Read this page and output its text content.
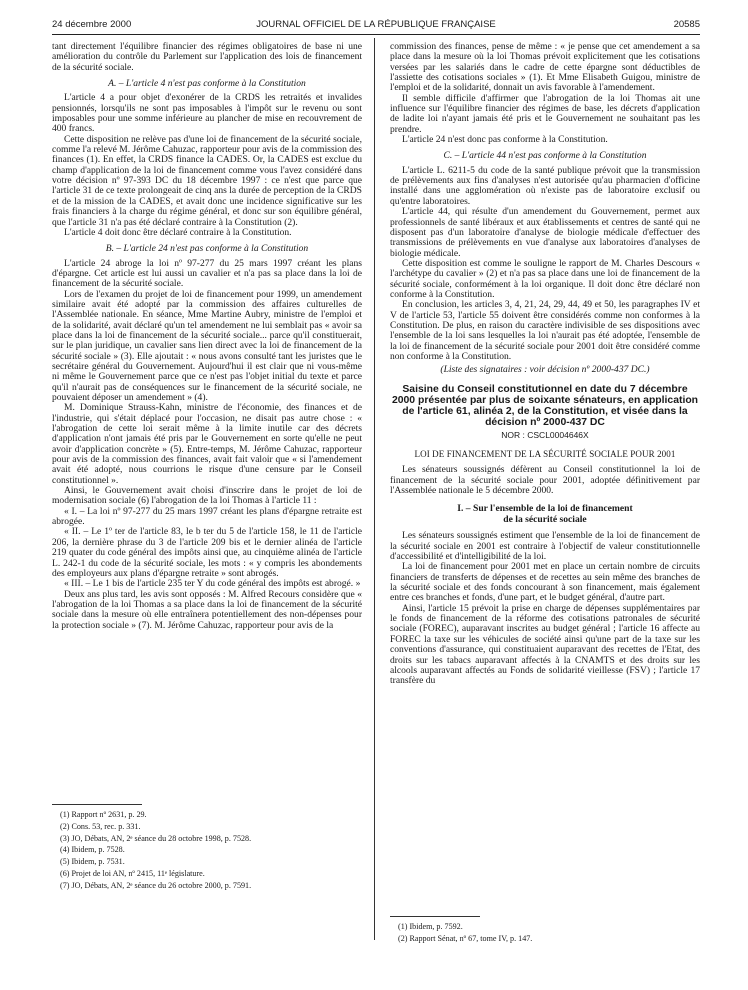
24 décembre 2000	JOURNAL OFFICIEL DE LA RÉPUBLIQUE FRANÇAISE	20585

tant directement l'équilibre financier des régimes obligatoires de base ni une amélioration du contrôle du Parlement sur l'application des lois de financement de la sécurité sociale.

A. – L'article 4 n'est pas conforme à la Constitution

L'article 4 a pour objet d'exonérer de la CRDS les retraités et invalides pensionnés, lorsqu'ils ne sont pas imposables à l'impôt sur le revenu ou sont imposables pour une somme inférieure au plancher de mise en recouvrement de 400 francs.

Cette disposition ne relève pas d'une loi de financement de la sécurité sociale, comme l'a relevé M. Jérôme Cahuzac, rapporteur pour avis de la commission des finances (1). En effet, la CRDS finance la CADES. Or, la CADES est exclue du champ d'application de la loi de financement comme vous l'avez considéré dans votre décision nº 97-393 DC du 18 décembre 1997 : ce n'est que parce que l'article 31 de ce texte prolongeait de cinq ans la durée de perception de la CRDS et de la mission de la CADES, et avait donc une incidence significative sur les frais financiers à la charge du régime général, et donc sur son équilibre général, que l'article 31 n'a pas été déclaré contraire à la Constitution (2).

L'article 4 doit donc être déclaré contraire à la Constitution.

B. – L'article 24 n'est pas conforme à la Constitution

L'article 24 abroge la loi nº 97-277 du 25 mars 1997 créant les plans d'épargne. Cet article est lui aussi un cavalier et n'a pas sa place dans la loi de financement de la sécurité sociale.

Lors de l'examen du projet de loi de financement pour 1999, un amendement similaire avait été adopté par la commission des affaires culturelles de l'Assemblée nationale. En séance, Mme Martine Aubry, ministre de l'emploi et de la solidarité, avait déclaré qu'un tel amendement ne lui semblait pas « avoir sa place dans la loi de financement de la sécurité sociale... parce qu'il constituerait, sur le plan juridique, un cavalier sans lien direct avec la loi de financement de la sécurité sociale » (3). Elle ajoutait : « nous avons consulté tant les juristes que le secrétaire général du Gouvernement. Aujourd'hui il est clair que ni vous-même ni même le Gouvernement parce que ce n'est pas l'objet initial du texte et parce qu'il n'aurait pas de conséquences sur le financement de la sécurité sociale, ne pouvaient déposer un amendement » (4).

M. Dominique Strauss-Kahn, ministre de l'économie, des finances et de l'industrie, qui s'était déplacé pour l'occasion, ne disait pas autre chose : « l'abrogation de cette loi serait même à la limite inutile car des décrets d'application n'ont jamais été pris par le Gouvernement en sorte qu'elle ne peut avoir d'application concrète » (5). Entre-temps, M. Jérôme Cahuzac, rapporteur pour avis de la commission des finances, avait fait valoir que « si l'amendement avait été adopté, nous courrions le risque d'une censure par le Conseil constitutionnel ».

Ainsi, le Gouvernement avait choisi d'inscrire dans le projet de loi de modernisation sociale (6) l'abrogation de la loi Thomas à l'article 11 :

« I. – La loi nº 97-277 du 25 mars 1997 créant les plans d'épargne retraite est abrogée.

« II. – Le 1º ter de l'article 83, le b ter du 5 de l'article 158, le 11 de l'article 206, la dernière phrase du 3 de l'article 209 bis et le dernier alinéa de l'article 219 quater du code général des impôts ainsi que, au cinquième alinéa de l'article L. 242-1 du code de la sécurité sociale, les mots : « y compris les abondements des employeurs aux plans d'épargne retraite » sont abrogés.

« III. – Le 1 bis de l'article 235 ter Y du code général des impôts est abrogé. »

Deux ans plus tard, les avis sont opposés : M. Alfred Recours considère que « l'abrogation de la loi Thomas a sa place dans la loi de financement de la sécurité sociale dans la mesure où elle entraînera potentiellement des non-dépenses pour la protection sociale » (7). M. Jérôme Cahuzac, rapporteur pour avis de la

(1) Rapport nº 2631, p. 29.
(2) Cons. 53, rec. p. 331.
(3) JO, Débats, AN, 2ᵉ séance du 28 octobre 1998, p. 7528.
(4) Ibidem, p. 7528.
(5) Ibidem, p. 7531.
(6) Projet de loi AN, nº 2415, 11ᵉ législature.
(7) JO, Débats, AN, 2ᵉ séance du 26 octobre 2000, p. 7591.

commission des finances, pense de même : « je pense que cet amendement a sa place dans la mesure où la loi Thomas prévoit explicitement que les cotisations versées par les salariés dans le cadre de cette épargne sont déductibles de l'assiette des cotisations sociales » (1). Et Mme Elisabeth Guigou, ministre de l'emploi et de la solidarité, donnait un avis favorable à l'amendement.

Il semble difficile d'affirmer que l'abrogation de la loi Thomas ait une influence sur l'équilibre financier des régimes de base, les décrets d'application de ladite loi n'ayant jamais été pris et le Gouvernement ne souhaitant pas les prendre.

L'article 24 n'est donc pas conforme à la Constitution.

C. – L'article 44 n'est pas conforme à la Constitution

L'article L. 6211-5 du code de la santé publique prévoit que la transmission de prélèvements aux fins d'analyses n'est autorisée qu'au pharmacien d'officine installé dans une agglomération où n'existe pas de laboratoire exclusif ou qu'entre laboratoires.

L'article 44, qui résulte d'un amendement du Gouvernement, permet aux professionnels de santé libéraux et aux établissements et centres de santé qui ne disposent pas d'un laboratoire d'analyse de biologie médicale d'effectuer des transmissions de prélèvements en vue d'analyse aux laboratoires d'analyses de biologie médicale.

Cette disposition est comme le souligne le rapport de M. Charles Descours « l'archétype du cavalier » (2) et n'a pas sa place dans une loi de financement de la sécurité sociale, conformément à la loi organique. Il doit donc être déclaré non conforme à la Constitution.

En conclusion, les articles 3, 4, 21, 24, 29, 44, 49 et 50, les paragraphes IV et V de l'article 53, l'article 55 doivent être considérés comme non conformes à la Constitution. De plus, en raison du caractère indivisible de ses dispositions avec l'ensemble de la loi sans lesquelles la loi n'aurait pas été adoptée, l'ensemble de la loi de financement de la sécurité sociale pour 2001 doit être considéré comme non conforme à la Constitution.

(Liste des signataires : voir décision nº 2000-437 DC.)

Saisine du Conseil constitutionnel en date du 7 décembre 2000 présentée par plus de soixante sénateurs, en application de l'article 61, alinéa 2, de la Constitution, et visée dans la décision nº 2000-437 DC

NOR : CSCL0004646X

LOI DE FINANCEMENT DE LA SÉCURITÉ SOCIALE POUR 2001

Les sénateurs soussignés défèrent au Conseil constitutionnel la loi de financement de la sécurité sociale pour 2001, adoptée définitivement par l'Assemblée nationale le 5 décembre 2000.

I. – Sur l'ensemble de la loi de financement
de la sécurité sociale

Les sénateurs soussignés estiment que l'ensemble de la loi de financement de la sécurité sociale en 2001 est contraire à l'objectif de valeur constitutionnelle d'accessibilité et d'intelligibilité de la loi.

La loi de financement pour 2001 met en place un certain nombre de circuits financiers de transferts de dépenses et de recettes au sein même des branches de la sécurité sociale et des fonds concourant à son financement, mais également entre ces branches et fonds, d'une part, et le budget général, d'autre part.

Ainsi, l'article 15 prévoit la prise en charge de dépenses supplémentaires par le fonds de financement de la réforme des cotisations patronales de sécurité sociale (FOREC), auparavant inscrites au budget général ; l'article 16 affecte au FOREC la taxe sur les véhicules de société ainsi qu'une part de la taxe sur les conventions d'assurance, qui constituaient auparavant des recettes de l'Etat, des droits sur les tabacs auparavant affectés à la CNAMTS et des droits sur les alcools auparavant affectés au Fonds de solidarité vieillesse (FSV) ; l'article 17 transfère du

(1) Ibidem, p. 7592.
(2) Rapport Sénat, nº 67, tome IV, p. 147.
